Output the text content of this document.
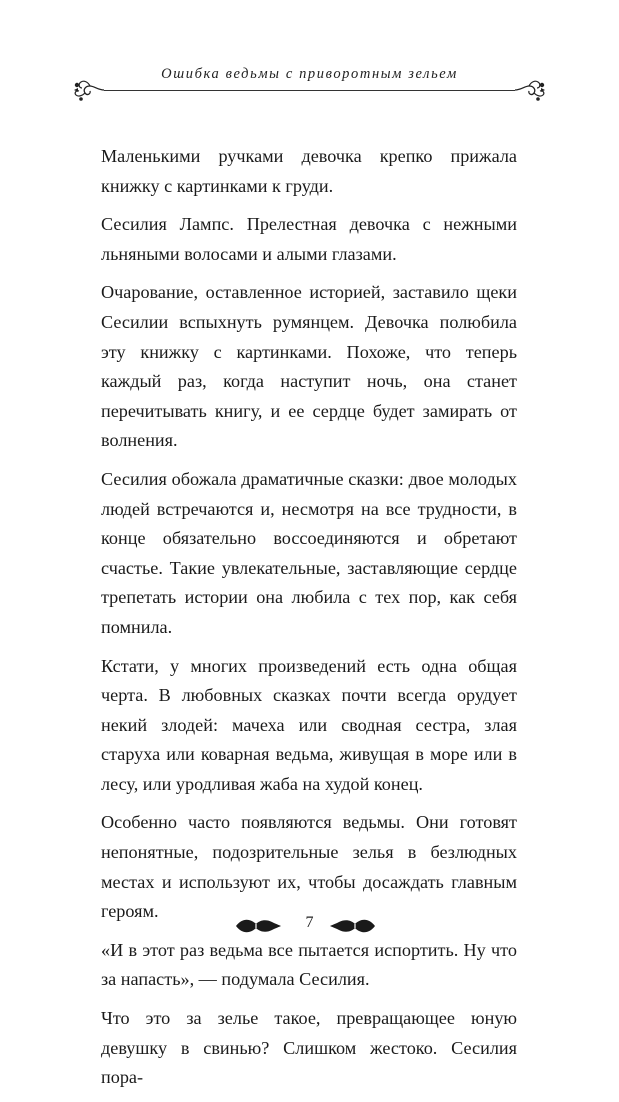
Ошибка ведьмы с приворотным зельем

Маленькими ручками девочка крепко прижала книжку с картинками к груди.

Сесилия Лампс. Прелестная девочка с нежными льняными волосами и алыми глазами.

Очарование, оставленное историей, заставило щеки Сесилии вспыхнуть румянцем. Девочка полюбила эту книжку с картинками. Похоже, что теперь каждый раз, когда наступит ночь, она станет перечитывать книгу, и ее сердце будет замирать от волнения.

Сесилия обожала драматичные сказки: двое молодых людей встречаются и, несмотря на все трудности, в конце обязательно воссоединяются и обретают счастье. Такие увлекательные, заставляющие сердце трепетать истории она любила с тех пор, как себя помнила.

Кстати, у многих произведений есть одна общая черта. В любовных сказках почти всегда орудует некий злодей: мачеха или сводная сестра, злая старуха или коварная ведьма, живущая в море или в лесу, или уродливая жаба на худой конец.

Особенно часто появляются ведьмы. Они готовят непонятные, подозрительные зелья в безлюдных местах и используют их, чтобы досаждать главным героям.

«И в этот раз ведьма все пытается испортить. Ну что за напасть», — подумала Сесилия.

Что это за зелье такое, превращающее юную девушку в свинью? Слишком жестоко. Сесилия пора-

7
